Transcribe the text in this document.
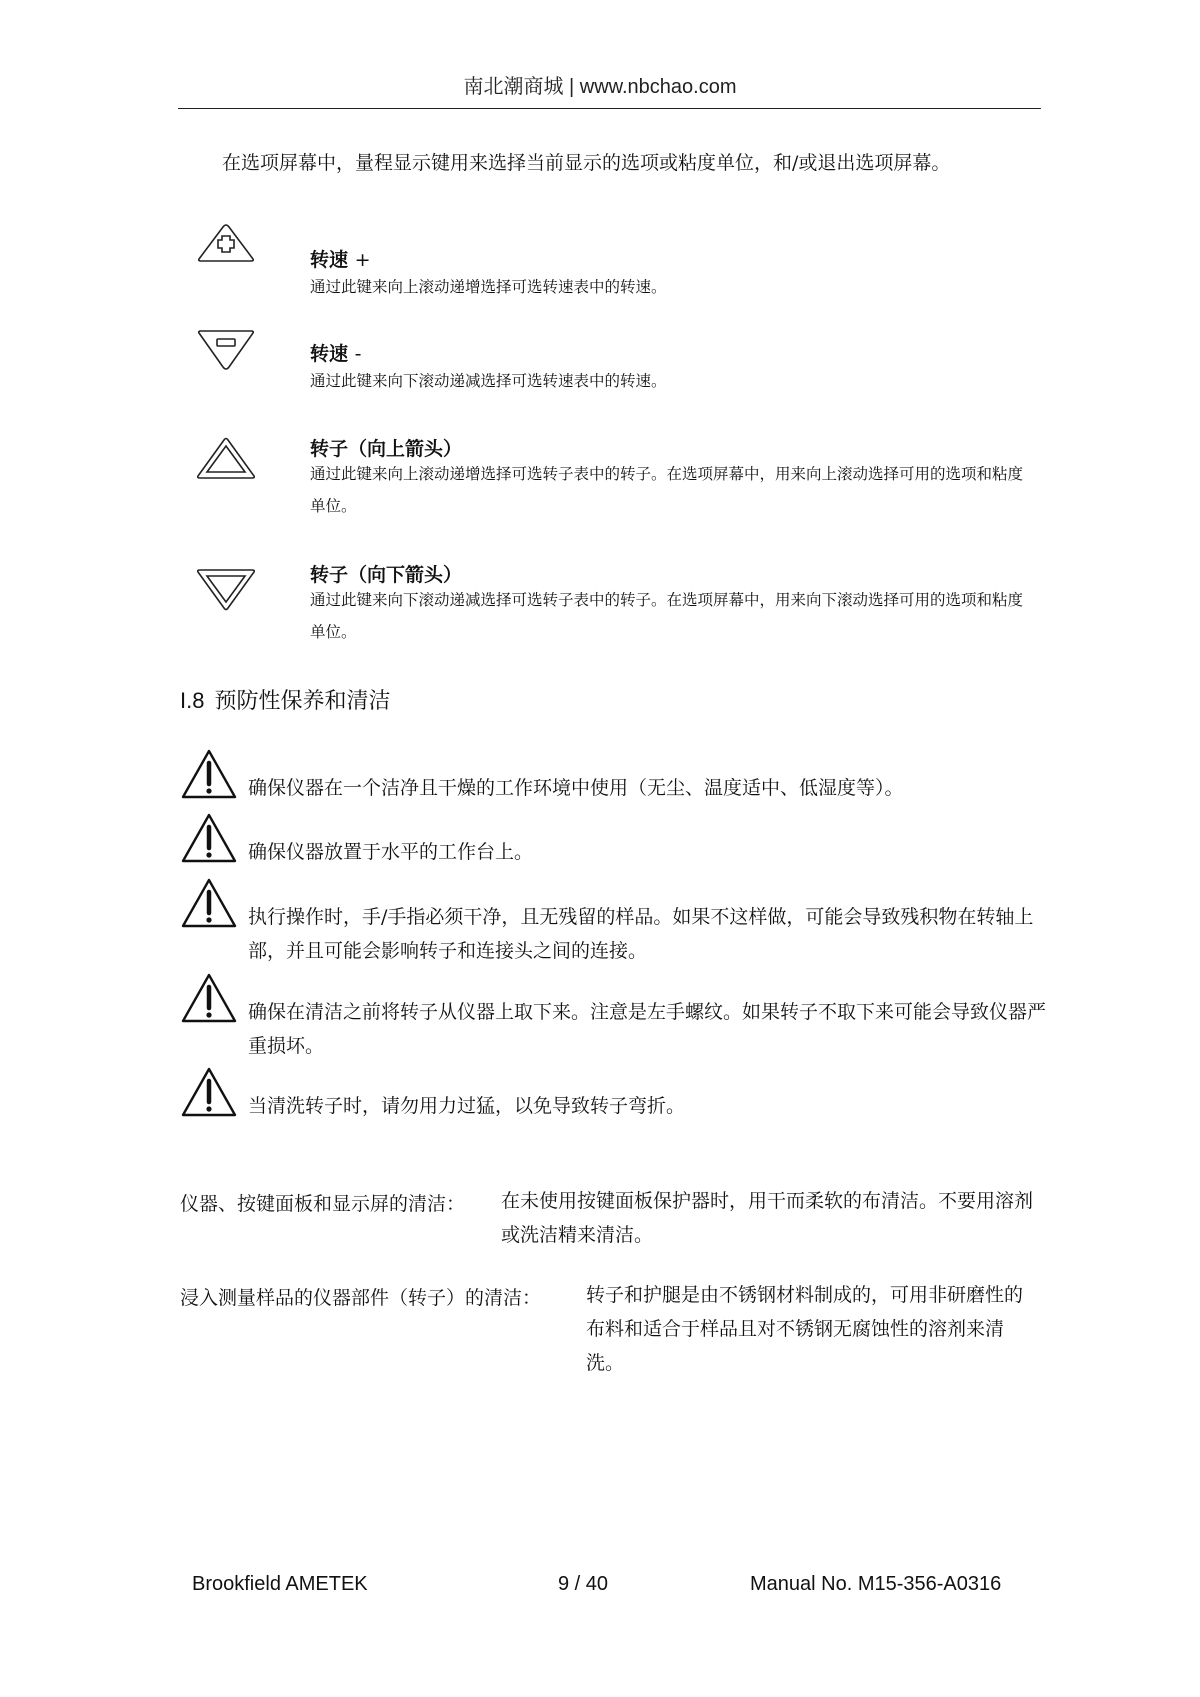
南北潮商城 | www.nbchao.com
在选项屏幕中，量程显示键用来选择当前显示的选项或粘度单位，和/或退出选项屏幕。
转速 +
通过此键来向上滚动递增选择可选转速表中的转速。
转速 -
通过此键来向下滚动递减选择可选转速表中的转速。
转子（向上箭头）
通过此键来向上滚动递增选择可选转子表中的转子。在选项屏幕中，用来向上滚动选择可用的选项和粘度单位。
转子（向下箭头）
通过此键来向下滚动递减选择可选转子表中的转子。在选项屏幕中，用来向下滚动选择可用的选项和粘度单位。
I.8 预防性保养和清洁
确保仪器在一个洁净且干燥的工作环境中使用（无尘、温度适中、低湿度等）。
确保仪器放置于水平的工作台上。
执行操作时，手/手指必须干净，且无残留的样品。如果不这样做，可能会导致残积物在转轴上部，并且可能会影响转子和连接头之间的连接。
确保在清洁之前将转子从仪器上取下来。注意是左手螺纹。如果转子不取下来可能会导致仪器严重损坏。
当清洗转子时，请勿用力过猛，以免导致转子弯折。
仪器、按键面板和显示屏的清洁： 在未使用按键面板保护器时，用干而柔软的布清洁。不要用溶剂或洗洁精来清洁。
浸入测量样品的仪器部件（转子）的清洁： 转子和护腿是由不锈钢材料制成的，可用非研磨性的布料和适合于样品且对不锈钢无腐蚀性的溶剂来清洗。
Brookfield AMETEK	9 / 40	Manual No. M15-356-A0316
